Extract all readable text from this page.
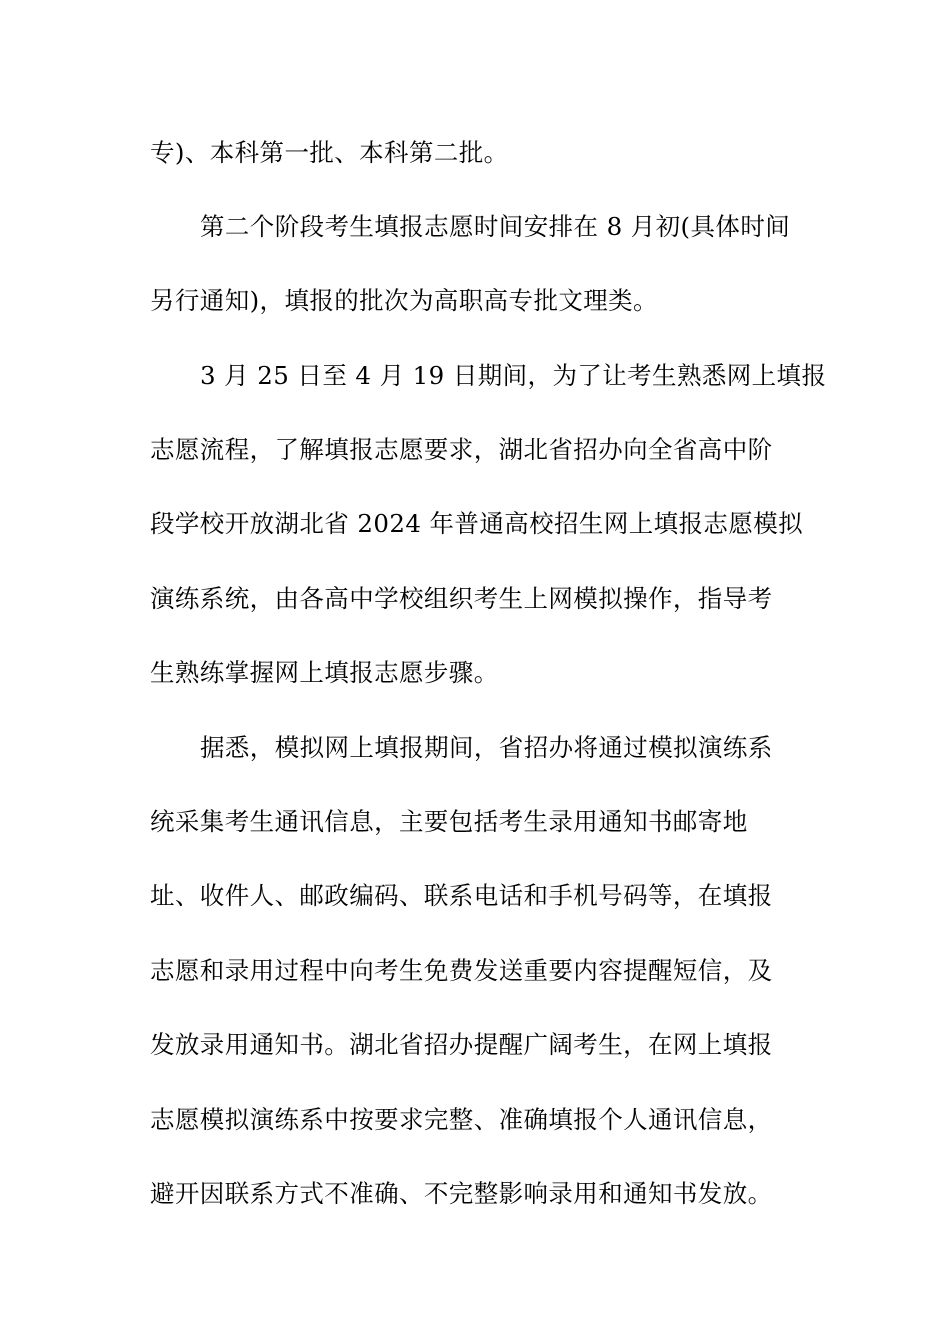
专)、本科第一批、本科第二批。
第二个阶段考生填报志愿时间安排在 8 月初(具体时间
另行通知)，填报的批次为高职高专批文理类。
3 月 25 日至 4 月 19 日期间，为了让考生熟悉网上填报
志愿流程，了解填报志愿要求，湖北省招办向全省高中阶
段学校开放湖北省 2024 年普通高校招生网上填报志愿模拟
演练系统，由各高中学校组织考生上网模拟操作，指导考
生熟练掌握网上填报志愿步骤。
据悉，模拟网上填报期间，省招办将通过模拟演练系
统采集考生通讯信息，主要包括考生录用通知书邮寄地
址、收件人、邮政编码、联系电话和手机号码等，在填报
志愿和录用过程中向考生免费发送重要内容提醒短信，及
发放录用通知书。湖北省招办提醒广阔考生，在网上填报
志愿模拟演练系中按要求完整、准确填报个人通讯信息，
避开因联系方式不准确、不完整影响录用和通知书发放。
